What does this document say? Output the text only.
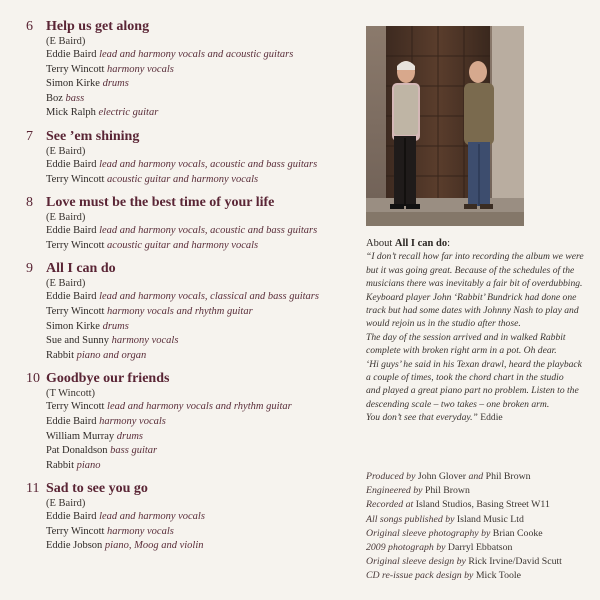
6 Help us get along
(E Baird)
Eddie Baird lead and harmony vocals and acoustic guitars
Terry Wincott harmony vocals
Simon Kirke drums
Boz bass
Mick Ralph electric guitar
7 See ’em shining
(E Baird)
Eddie Baird lead and harmony vocals, acoustic and bass guitars
Terry Wincott acoustic guitar and harmony vocals
8 Love must be the best time of your life
(E Baird)
Eddie Baird lead and harmony vocals, acoustic and bass guitars
Terry Wincott acoustic guitar and harmony vocals
9 All I can do
(E Baird)
Eddie Baird lead and harmony vocals, classical and bass guitars
Terry Wincott harmony vocals and rhythm guitar
Simon Kirke drums
Sue and Sunny harmony vocals
Rabbit piano and organ
10 Goodbye our friends
(T Wincott)
Terry Wincott lead and harmony vocals and rhythm guitar
Eddie Baird harmony vocals
William Murray drums
Pat Donaldson bass guitar
Rabbit piano
11 Sad to see you go
(E Baird)
Eddie Baird lead and harmony vocals
Terry Wincott harmony vocals
Eddie Jobson piano, Moog and violin
About All I can do:

“I don’t recall how far into recording the album we were

but it was going great. Because of the schedules of the

musicians there was inevitably a fair bit of overdubbing.

Keyboard player John ‘Rabbit’ Bundrick had done one

track but had some dates with Johnny Nash to play and

would rejoin us in the studio after those.

The day of the session arrived and in walked Rabbit

complete with broken right arm in a pot. Oh dear.

‘Hi guys’ he said in his Texan drawl, heard the playback

a couple of times, took the chord chart in the studio

and played a great piano part no problem. Listen to the

descending scale – two takes – one broken arm.

You don’t see that everyday.” Eddie

Produced by John Glover and Phil Brown
Engineered by Phil Brown
Recorded at Island Studios, Basing Street W11
All songs published by Island Music Ltd
Original sleeve photography by Brian Cooke
2009 photograph by Darryl Ebbatson
Original sleeve design by Rick Irvine/David Scutt
CD re-issue pack design by Mick Toole
